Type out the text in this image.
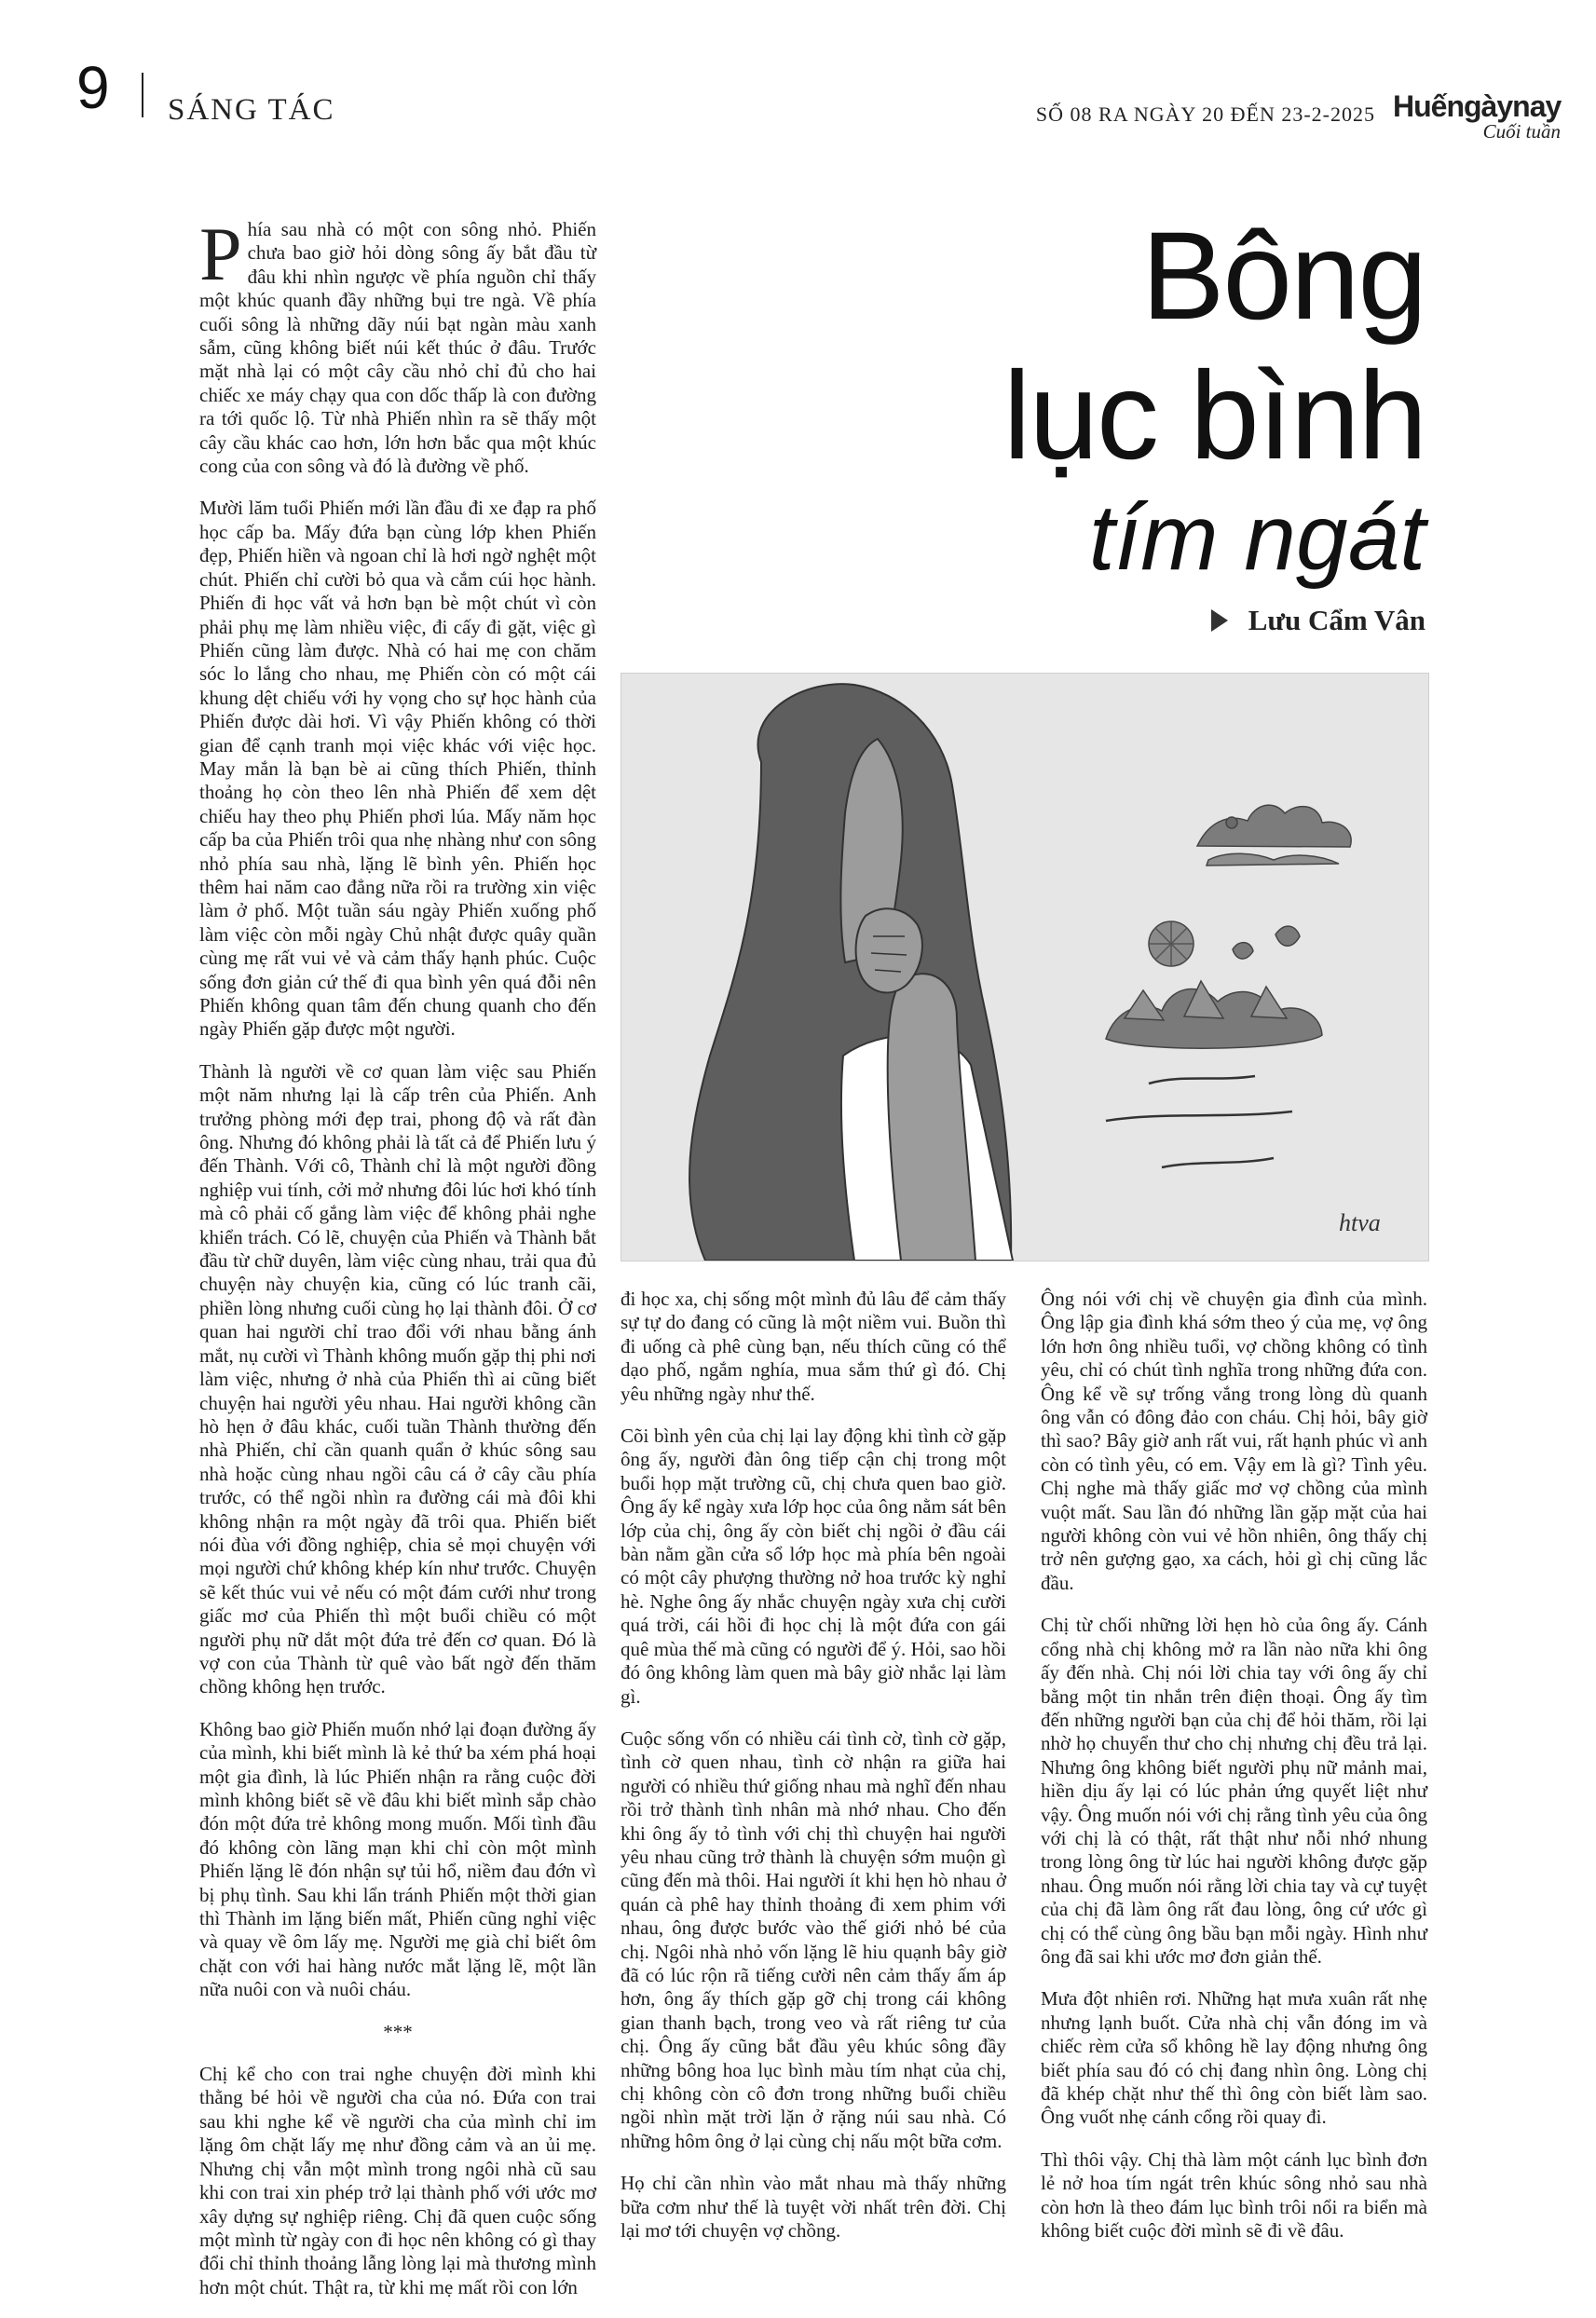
9 SÁNG TÁC	SỐ 08 RA NGÀY 20 ĐẾN 23-2-2025 Huếngàynay
Cuối tuần
Bông
lục bình
tím ngát
Lưu Cẩm Vân
htva

Phía sau nhà có một con sông nhỏ. Phiến chưa bao giờ hỏi dòng sông ấy bắt đầu từ đâu khi nhìn ngược về phía nguồn chỉ thấy một khúc quanh đầy những bụi tre ngà. Về phía cuối sông là những dãy núi bạt ngàn màu xanh sẫm, cũng không biết núi kết thúc ở đâu. Trước mặt nhà lại có một cây cầu nhỏ chỉ đủ cho hai chiếc xe máy chạy qua con dốc thấp là con đường ra tới quốc lộ. Từ nhà Phiến nhìn ra sẽ thấy một cây cầu khác cao hơn, lớn hơn bắc qua một khúc cong của con sông và đó là đường về phố.

Mười lăm tuổi Phiến mới lần đầu đi xe đạp ra phố học cấp ba. Mấy đứa bạn cùng lớp khen Phiến đẹp, Phiến hiền và ngoan chỉ là hơi ngờ nghệt một chút. Phiến chỉ cười bỏ qua và cắm cúi học hành. Phiến đi học vất vả hơn bạn bè một chút vì còn phải phụ mẹ làm nhiều việc, đi cấy đi gặt, việc gì Phiến cũng làm được. Nhà có hai mẹ con chăm sóc lo lắng cho nhau, mẹ Phiến còn có một cái khung dệt chiếu với hy vọng cho sự học hành của Phiến được dài hơi. Vì vậy Phiến không có thời gian để cạnh tranh mọi việc khác với việc học. May mắn là bạn bè ai cũng thích Phiến, thỉnh thoảng họ còn theo lên nhà Phiến để xem dệt chiếu hay theo phụ Phiến phơi lúa. Mấy năm học cấp ba của Phiến trôi qua nhẹ nhàng như con sông nhỏ phía sau nhà, lặng lẽ bình yên. Phiến học thêm hai năm cao đẳng nữa rồi ra trường xin việc làm ở phố. Một tuần sáu ngày Phiến xuống phố làm việc còn mỗi ngày Chủ nhật được quây quần cùng mẹ rất vui vẻ và cảm thấy hạnh phúc. Cuộc sống đơn giản cứ thế đi qua bình yên quá đỗi nên Phiến không quan tâm đến chung quanh cho đến ngày Phiến gặp được một người.

Thành là người về cơ quan làm việc sau Phiến một năm nhưng lại là cấp trên của Phiến. Anh trưởng phòng mới đẹp trai, phong độ và rất đàn ông. Nhưng đó không phải là tất cả để Phiến lưu ý đến Thành. Với cô, Thành chỉ là một người đồng nghiệp vui tính, cởi mở nhưng đôi lúc hơi khó tính mà cô phải cố gắng làm việc để không phải nghe khiển trách. Có lẽ, chuyện của Phiến và Thành bắt đầu từ chữ duyên, làm việc cùng nhau, trải qua đủ chuyện này chuyện kia, cũng có lúc tranh cãi, phiền lòng nhưng cuối cùng họ lại thành đôi. Ở cơ quan hai người chỉ trao đổi với nhau bằng ánh mắt, nụ cười vì Thành không muốn gặp thị phi nơi làm việc, nhưng ở nhà của Phiến thì ai cũng biết chuyện hai người yêu nhau. Hai người không cần hò hẹn ở đâu khác, cuối tuần Thành thường đến nhà Phiến, chỉ cần quanh quẩn ở khúc sông sau nhà hoặc cùng nhau ngồi câu cá ở cây cầu phía trước, có thể ngồi nhìn ra đường cái mà đôi khi không nhận ra một ngày đã trôi qua. Phiến biết nói đùa với đồng nghiệp, chia sẻ mọi chuyện với mọi người chứ không khép kín như trước. Chuyện sẽ kết thúc vui vẻ nếu có một đám cưới như trong giấc mơ của Phiến thì một buổi chiều có một người phụ nữ dắt một đứa trẻ đến cơ quan. Đó là vợ con của Thành từ quê vào bất ngờ đến thăm chồng không hẹn trước.

Không bao giờ Phiến muốn nhớ lại đoạn đường ấy của mình, khi biết mình là kẻ thứ ba xém phá hoại một gia đình, là lúc Phiến nhận ra rằng cuộc đời mình không biết sẽ về đâu khi biết mình sắp chào đón một đứa trẻ không mong muốn. Mối tình đầu đó không còn lãng mạn khi chỉ còn một mình Phiến lặng lẽ đón nhận sự tủi hổ, niềm đau đớn vì bị phụ tình. Sau khi lẩn tránh Phiến một thời gian thì Thành im lặng biến mất, Phiến cũng nghỉ việc và quay về ôm lấy mẹ. Người mẹ già chỉ biết ôm chặt con với hai hàng nước mắt lặng lẽ, một lần nữa nuôi con và nuôi cháu.

***

Chị kể cho con trai nghe chuyện đời mình khi thằng bé hỏi về người cha của nó. Đứa con trai sau khi nghe kể về người cha của mình chỉ im lặng ôm chặt lấy mẹ như đồng cảm và an ủi mẹ. Nhưng chị vẫn một mình trong ngôi nhà cũ sau khi con trai xin phép trở lại thành phố với ước mơ xây dựng sự nghiệp riêng. Chị đã quen cuộc sống một mình từ ngày con đi học nên không có gì thay đổi chỉ thỉnh thoảng lẫng lòng lại mà thương mình hơn một chút. Thật ra, từ khi mẹ mất rồi con lớn

đi học xa, chị sống một mình đủ lâu để cảm thấy sự tự do đang có cũng là một niềm vui. Buồn thì đi uống cà phê cùng bạn, nếu thích cũng có thể dạo phố, ngắm nghía, mua sắm thứ gì đó. Chị yêu những ngày như thế.

Cõi bình yên của chị lại lay động khi tình cờ gặp ông ấy, người đàn ông tiếp cận chị trong một buổi họp mặt trường cũ, chị chưa quen bao giờ. Ông ấy kể ngày xưa lớp học của ông nằm sát bên lớp của chị, ông ấy còn biết chị ngồi ở đầu cái bàn nằm gần cửa sổ lớp học mà phía bên ngoài có một cây phượng thường nở hoa trước kỳ nghỉ hè. Nghe ông ấy nhắc chuyện ngày xưa chị cười quá trời, cái hồi đi học chị là một đứa con gái quê mùa thế mà cũng có người để ý. Hỏi, sao hồi đó ông không làm quen mà bây giờ nhắc lại làm gì.

Cuộc sống vốn có nhiều cái tình cờ, tình cờ gặp, tình cờ quen nhau, tình cờ nhận ra giữa hai người có nhiều thứ giống nhau mà nghĩ đến nhau rồi trở thành tình nhân mà nhớ nhau. Cho đến khi ông ấy tỏ tình với chị thì chuyện hai người yêu nhau cũng trở thành là chuyện sớm muộn gì cũng đến mà thôi. Hai người ít khi hẹn hò nhau ở quán cà phê hay thỉnh thoảng đi xem phim với nhau, ông được bước vào thế giới nhỏ bé của chị. Ngôi nhà nhỏ vốn lặng lẽ hiu quạnh bây giờ đã có lúc rộn rã tiếng cười nên cảm thấy ấm áp hơn, ông ấy thích gặp gỡ chị trong cái không gian thanh bạch, trong veo và rất riêng tư của chị. Ông ấy cũng bắt đầu yêu khúc sông đầy những bông hoa lục bình màu tím nhạt của chị, chị không còn cô đơn trong những buổi chiều ngồi nhìn mặt trời lặn ở rặng núi sau nhà. Có những hôm ông ở lại cùng chị nấu một bữa cơm.

Họ chỉ cần nhìn vào mắt nhau mà thấy những bữa cơm như thế là tuyệt vời nhất trên đời. Chị lại mơ tới chuyện vợ chồng.

Ông nói với chị về chuyện gia đình của mình. Ông lập gia đình khá sớm theo ý của mẹ, vợ ông lớn hơn ông nhiều tuổi, vợ chồng không có tình yêu, chỉ có chút tình nghĩa trong những đứa con. Ông kể về sự trống vắng trong lòng dù quanh ông vẫn có đông đảo con cháu. Chị hỏi, bây giờ thì sao? Bây giờ anh rất vui, rất hạnh phúc vì anh còn có tình yêu, có em. Vậy em là gì? Tình yêu. Chị nghe mà thấy giấc mơ vợ chồng của mình vuột mất. Sau lần đó những lần gặp mặt của hai người không còn vui vẻ hồn nhiên, ông thấy chị trở nên gượng gạo, xa cách, hỏi gì chị cũng lắc đầu.

Chị từ chối những lời hẹn hò của ông ấy. Cánh cổng nhà chị không mở ra lần nào nữa khi ông ấy đến nhà. Chị nói lời chia tay với ông ấy chỉ bằng một tin nhắn trên điện thoại. Ông ấy tìm đến những người bạn của chị để hỏi thăm, rồi lại nhờ họ chuyển thư cho chị nhưng chị đều trả lại. Nhưng ông không biết người phụ nữ mảnh mai, hiền dịu ấy lại có lúc phản ứng quyết liệt như vậy. Ông muốn nói với chị rằng tình yêu của ông với chị là có thật, rất thật như nỗi nhớ nhung trong lòng ông từ lúc hai người không được gặp nhau. Ông muốn nói rằng lời chia tay và cự tuyệt của chị đã làm ông rất đau lòng, ông cứ ước gì chị có thể cùng ông bầu bạn mỗi ngày. Hình như ông đã sai khi ước mơ đơn giản thế.

Mưa đột nhiên rơi. Những hạt mưa xuân rất nhẹ nhưng lạnh buốt. Cửa nhà chị vẫn đóng im và chiếc rèm cửa sổ không hề lay động nhưng ông biết phía sau đó có chị đang nhìn ông. Lòng chị đã khép chặt như thế thì ông còn biết làm sao. Ông vuốt nhẹ cánh cổng rồi quay đi.

Thì thôi vậy. Chị thà làm một cánh lục bình đơn lẻ nở hoa tím ngát trên khúc sông nhỏ sau nhà còn hơn là theo đám lục bình trôi nổi ra biển mà không biết cuộc đời mình sẽ đi về đâu.
